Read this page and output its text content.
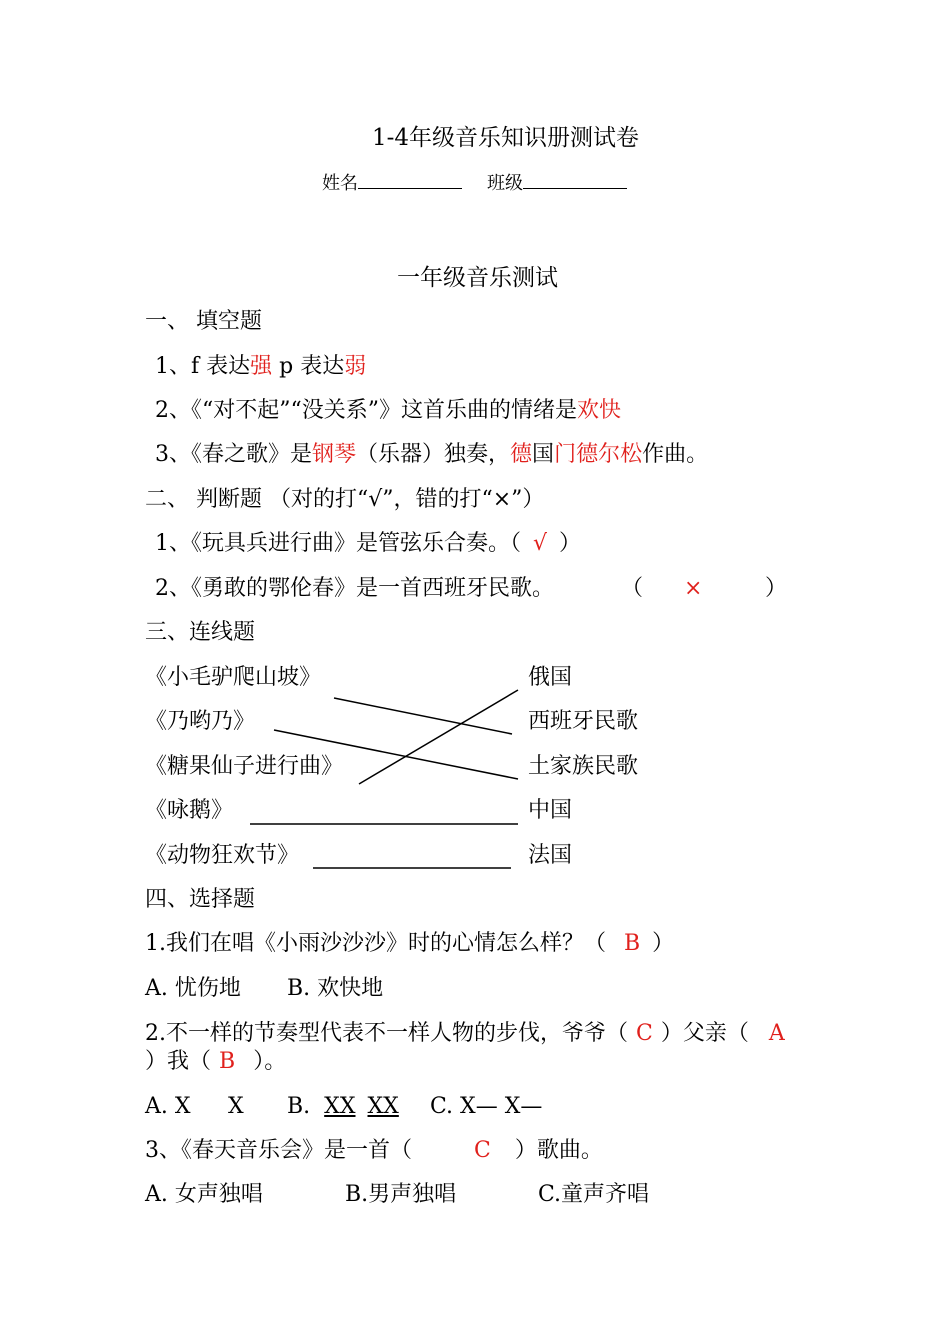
1-4年级音乐知识册测试卷
姓名	班级
一年级音乐测试
一、 填空题
1、f 表达强 p 表达弱
2、《“对不起”“没关系”》这首乐曲的情绪是欢快
3、《春之歌》是钢琴（乐器）独奏，德国门德尔松作曲。
二、 判断题 （对的打“√”，错的打“×”）
1、《玩具兵进行曲》是管弦乐合奏。（ √ ）
2、《勇敢的鄂伦春》是一首西班牙民歌。	（ ×	）
三、连线题
《小毛驴爬山坡》
《乃哟乃》
《糖果仙子进行曲》
《咏鹅》
《动物狂欢节》
俄国
西班牙民歌
土家族民歌
中国
法国
四、选择题
1.我们在唱《小雨沙沙沙》时的心情怎么样？（ B ）
A. 忧伤地 B. 欢快地
2.不一样的节奏型代表不一样人物的步伐，爷爷（ C ）父亲（ A
）我（ B ）。
A. X X B. XX XX C. X— X—
3、《春天音乐会》是一首（	C ）歌曲。
A. 女声独唱	B.男声独唱	C.童声齐唱
